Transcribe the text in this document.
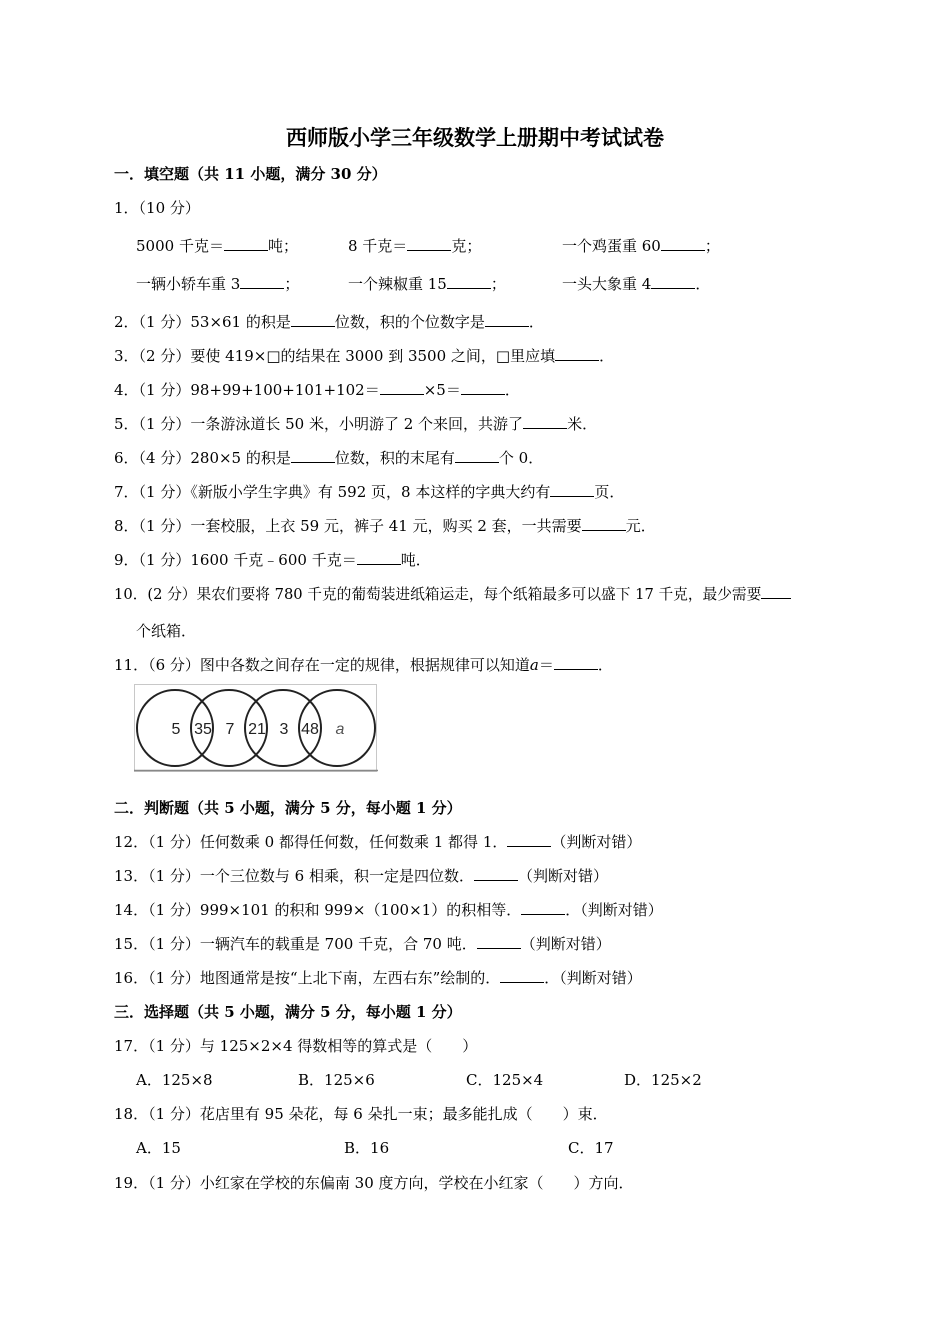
西师版小学三年级数学上册期中考试试卷
一．填空题（共 11 小题，满分 30 分）
1．（10 分）
5000 千克＝	吨；	8 千克＝	克；	一个鸡蛋重 60	；
一辆小轿车重 3	；	一个辣椒重 15	；	一头大象重 4	．
2．（1 分）53×61 的积是	位数，积的个位数字是	．
3．（2 分）要使 419×□的结果在 3000 到 3500 之间，□里应填	．
4．（1 分）98+99+100+101+102＝	×5＝	．
5．（1 分）一条游泳道长 50 米，小明游了 2 个来回，共游了	米．
6．（4 分）280×5 的积是	位数，积的末尾有	个 0．
7．（1 分）《新版小学生字典》有 592 页，8 本这样的字典大约有	页．
8．（1 分）一套校服，上衣 59 元，裤子 41 元，购买 2 套，一共需要	元．
9．（1 分）1600 千克﹣600 千克＝	吨．
10．(2 分）果农们要将 780 千克的葡萄装进纸箱运走，每个纸箱最多可以盛下 17 千克，最少需要
个纸箱．
11．（6 分）图中各数之间存在一定的规律，根据规律可以知道a＝	．
5 35 7 21 3 48 a
二．判断题（共 5 小题，满分 5 分，每小题 1 分）
12．（1 分）任何数乘 0 都得任何数，任何数乘 1 都得 1．	（判断对错）
13．（1 分）一个三位数与 6 相乘，积一定是四位数．	（判断对错）
14．（1 分）999×101 的积和 999×（100×1）的积相等．	．（判断对错）
15．（1 分）一辆汽车的载重是 700 千克，合 70 吨．	（判断对错）
16．（1 分）地图通常是按“上北下南，左西右东”绘制的．	．（判断对错）
三．选择题（共 5 小题，满分 5 分，每小题 1 分）
17．（1 分）与 125×2×4 得数相等的算式是（　　）
A．125×8	B．125×6	C．125×4	D．125×2
18．（1 分）花店里有 95 朵花，每 6 朵扎一束；最多能扎成（　　）束．
A．15	B．16	C．17
19．（1 分）小红家在学校的东偏南 30 度方向，学校在小红家（　　）方向．
